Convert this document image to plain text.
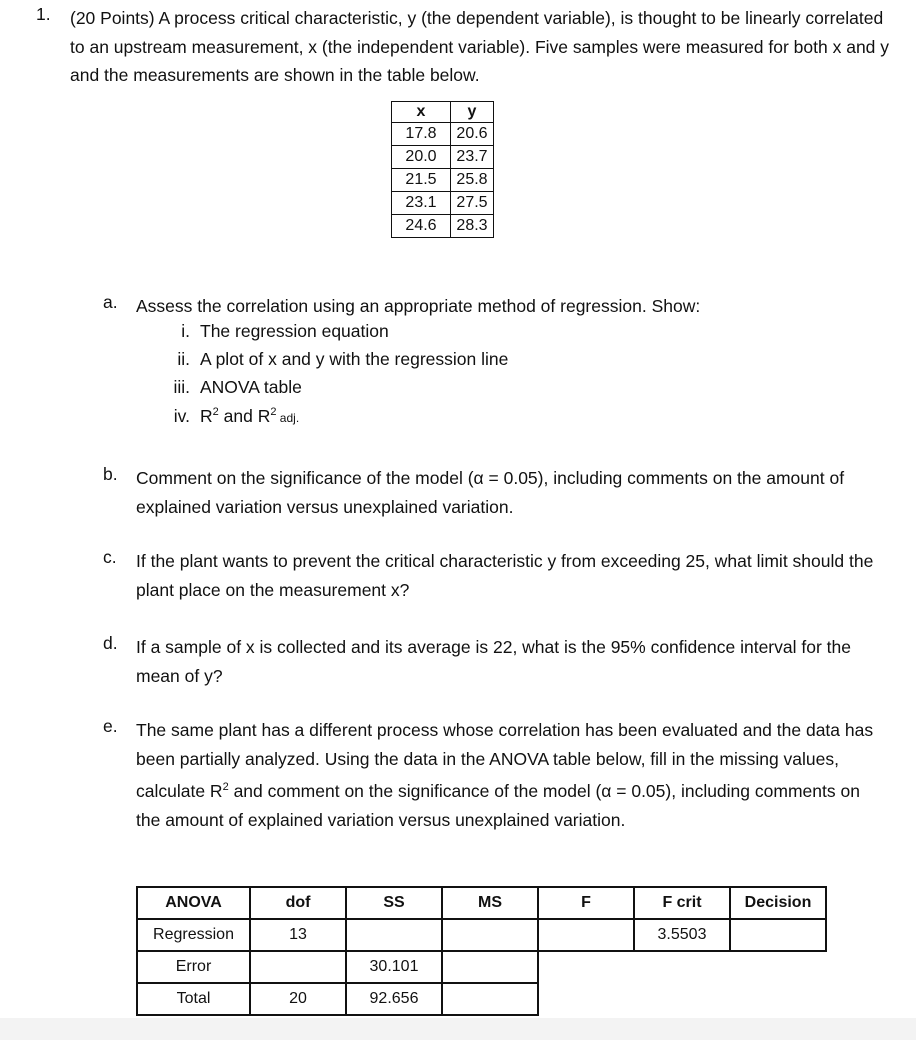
1. (20 Points) A process critical characteristic, y (the dependent variable), is thought to be linearly correlated to an upstream measurement, x (the independent variable). Five samples were measured for both x and y and the measurements are shown in the table below.
x	y
17.8	20.6
20.0	23.7
21.5	25.8
23.1	27.5
24.6	28.3
a. Assess the correlation using an appropriate method of regression. Show:
i. The regression equation
ii. A plot of x and y with the regression line
iii. ANOVA table
iv. $R^2$ and $R^2$ adj.
b. Comment on the significance of the model (α = 0.05), including comments on the amount of explained variation versus unexplained variation.
c. If the plant wants to prevent the critical characteristic y from exceeding 25, what limit should the plant place on the measurement x?
d. If a sample of x is collected and its average is 22, what is the 95% confidence interval for the mean of y?
e. The same plant has a different process whose correlation has been evaluated and the data has been partially analyzed. Using the data in the ANOVA table below, fill in the missing values, calculate $R^2$ and comment on the significance of the model (α = 0.05), including comments on the amount of explained variation versus unexplained variation.
ANOVA	dof	SS	MS	F	F crit	Decision
Regression	13				3.5503	
Error		30.101				
Total	20	92.656				
